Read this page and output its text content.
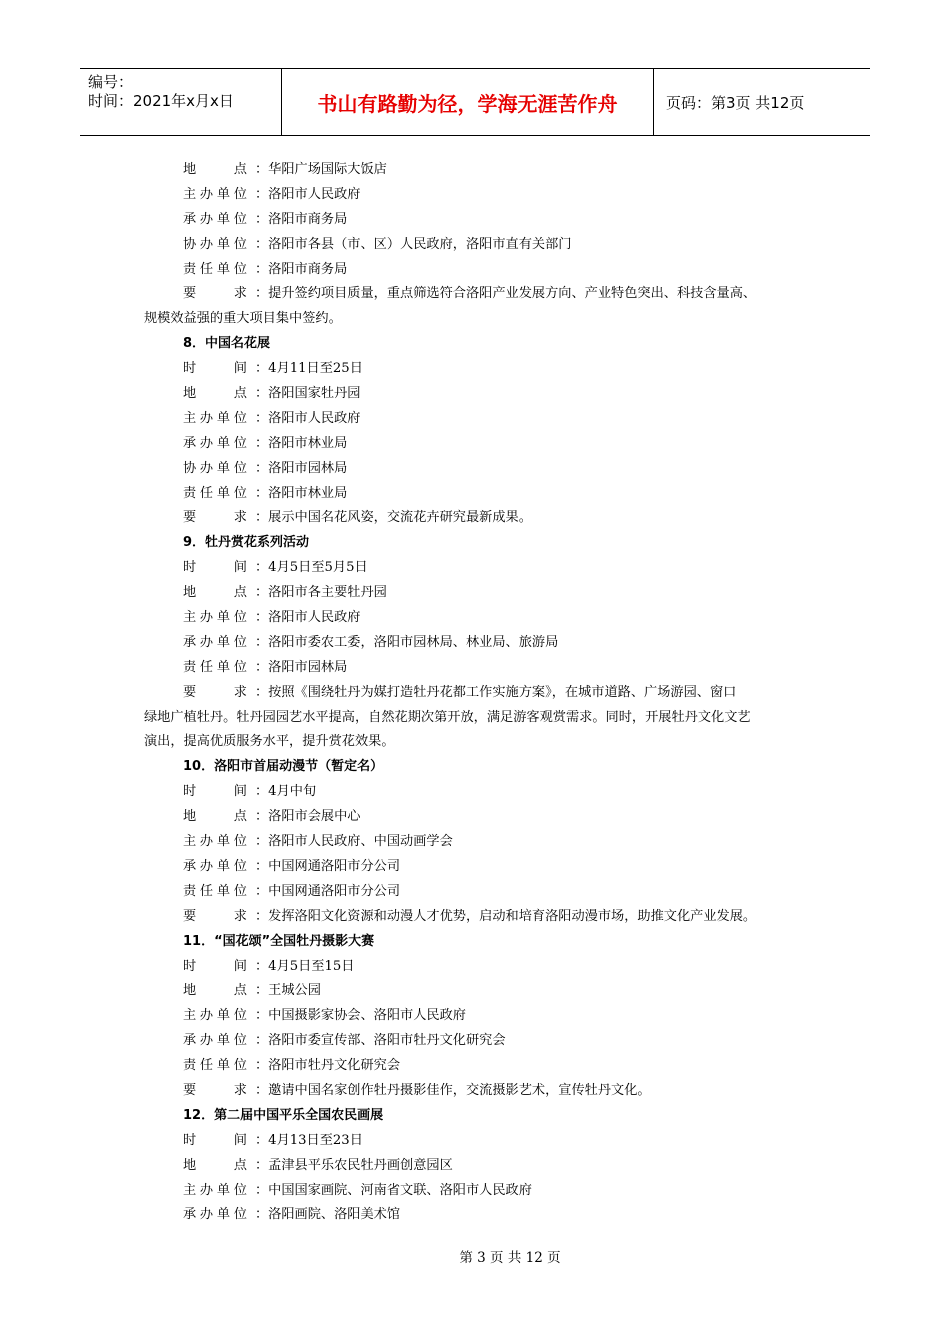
编号：
时间：2021年x月x日	书山有路勤为径，学海无涯苦作舟	页码：第3页 共12页
地点 ：华阳广场国际大饭店
主办单位 ：洛阳市人民政府
承办单位 ：洛阳市商务局
协办单位 ：洛阳市各县（市、区）人民政府，洛阳市直有关部门
责任单位 ：洛阳市商务局
要求 ：提升签约项目质量，重点筛选符合洛阳产业发展方向、产业特色突出、科技含量高、
规模效益强的重大项目集中签约。
8．中国名花展
时间 ：4月11日至25日
地点 ：洛阳国家牡丹园
主办单位 ：洛阳市人民政府
承办单位 ：洛阳市林业局
协办单位 ：洛阳市园林局
责任单位 ：洛阳市林业局
要求 ：展示中国名花风姿，交流花卉研究最新成果。
9．牡丹赏花系列活动
时间 ：4月5日至5月5日
地点 ：洛阳市各主要牡丹园
主办单位 ：洛阳市人民政府
承办单位 ：洛阳市委农工委，洛阳市园林局、林业局、旅游局
责任单位 ：洛阳市园林局
要求 ：按照《围绕牡丹为媒打造牡丹花都工作实施方案》，在城市道路、广场游园、窗口
绿地广植牡丹。牡丹园园艺水平提高，自然花期次第开放，满足游客观赏需求。同时，开展牡丹文化文艺
演出，提高优质服务水平，提升赏花效果。
10．洛阳市首届动漫节（暂定名）
时间 ：4月中旬
地点 ：洛阳市会展中心
主办单位 ：洛阳市人民政府、中国动画学会
承办单位 ：中国网通洛阳市分公司
责任单位 ：中国网通洛阳市分公司
要求 ：发挥洛阳文化资源和动漫人才优势，启动和培育洛阳动漫市场，助推文化产业发展。
11．“国花颂”全国牡丹摄影大赛
时间 ：4月5日至15日
地点 ：王城公园
主办单位 ：中国摄影家协会、洛阳市人民政府
承办单位 ：洛阳市委宣传部、洛阳市牡丹文化研究会
责任单位 ：洛阳市牡丹文化研究会
要求 ：邀请中国名家创作牡丹摄影佳作，交流摄影艺术，宣传牡丹文化。
12．第二届中国平乐全国农民画展
时间 ：4月13日至23日
地点 ：孟津县平乐农民牡丹画创意园区
主办单位 ：中国国家画院、河南省文联、洛阳市人民政府
承办单位 ：洛阳画院、洛阳美术馆
第 3 页 共 12 页
